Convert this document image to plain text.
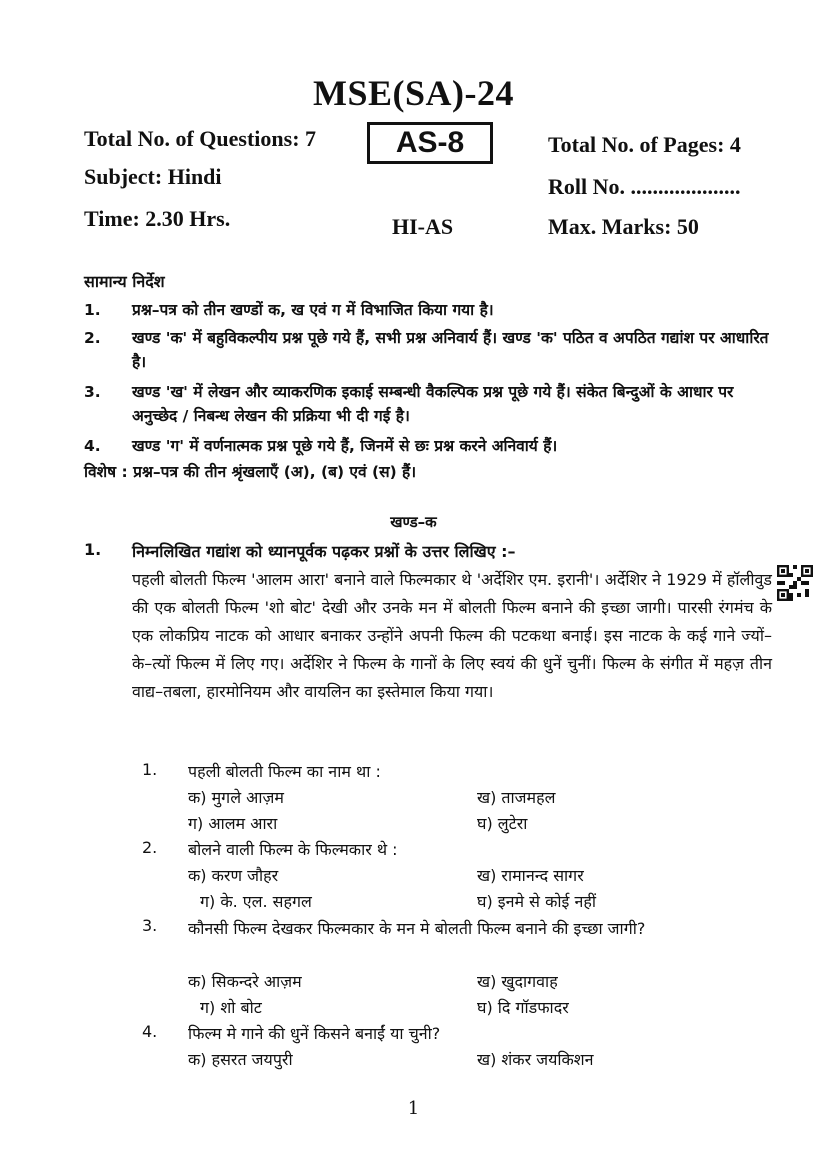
MSE(SA)-24
Total No. of Questions: 7	AS-8	Total No. of Pages: 4
Subject: Hindi	Roll No. ....................
Time: 2.30 Hrs.	HI-AS	Max. Marks: 50
सामान्य निर्देश
1. प्रश्न–पत्र को तीन खण्डों क, ख एवं ग में विभाजित किया गया है।
2. खण्ड 'क' में बहुविकल्पीय प्रश्न पूछे गये हैं, सभी प्रश्न अनिवार्य हैं। खण्ड 'क' पठित व अपठित गद्यांश पर आधारित है।
3. खण्ड 'ख' में लेखन और व्याकरणिक इकाई सम्बन्धी वैकल्पिक प्रश्न पूछे गये हैं। संकेत बिन्दुओं के आधार पर अनुच्छेद / निबन्ध लेखन की प्रक्रिया भी दी गई है।
4. खण्ड 'ग' में वर्णनात्मक प्रश्न पूछे गये हैं, जिनमें से छः प्रश्न करने अनिवार्य हैं।
विशेष : प्रश्न–पत्र की तीन श्रृंखलाएँ (अ), (ब) एवं (स) हैं।
खण्ड–क
1. निम्नलिखित गद्यांश को ध्यानपूर्वक पढ़कर प्रश्नों के उत्तर लिखिए :–
पहली बोलती फिल्म 'आलम आरा' बनाने वाले फिल्मकार थे 'अर्देशिर एम. इरानी'। अर्देशिर ने 1929 में हॉलीवुड की एक बोलती फिल्म 'शो बोट' देखी और उनके मन में बोलती फिल्म बनाने की इच्छा जागी। पारसी रंगमंच के एक लोकप्रिय नाटक को आधार बनाकर उन्होंने अपनी फिल्म की पटकथा बनाई। इस नाटक के कई गाने ज्यों–के–त्यों फिल्म में लिए गए। अर्देशिर ने फिल्म के गानों के लिए स्वयं की धुनें चुनीं। फिल्म के संगीत में महज़ तीन वाद्य–तबला, हारमोनियम और वायलिन का इस्तेमाल किया गया।
1. पहली बोलती फिल्म का नाम था :
क) मुगले आज़म	ख) ताजमहल
ग) आलम आरा	घ) लुटेरा
2. बोलने वाली फिल्म के फिल्मकार थे :
क) करण जौहर	ख) रामानन्द सागर
ग) के. एल. सहगल	घ) इनमे से कोई नहीं
3. कौनसी फिल्म देखकर फिल्मकार के मन मे बोलती फिल्म बनाने की इच्छा जागी?
क) सिकन्दरे आज़म	ख) खुदागवाह
ग) शो बोट	घ) दि गॉडफादर
4. फिल्म मे गाने की धुनें किसने बनाईं या चुनी?
क) हसरत जयपुरी	ख) शंकर जयकिशन
1
